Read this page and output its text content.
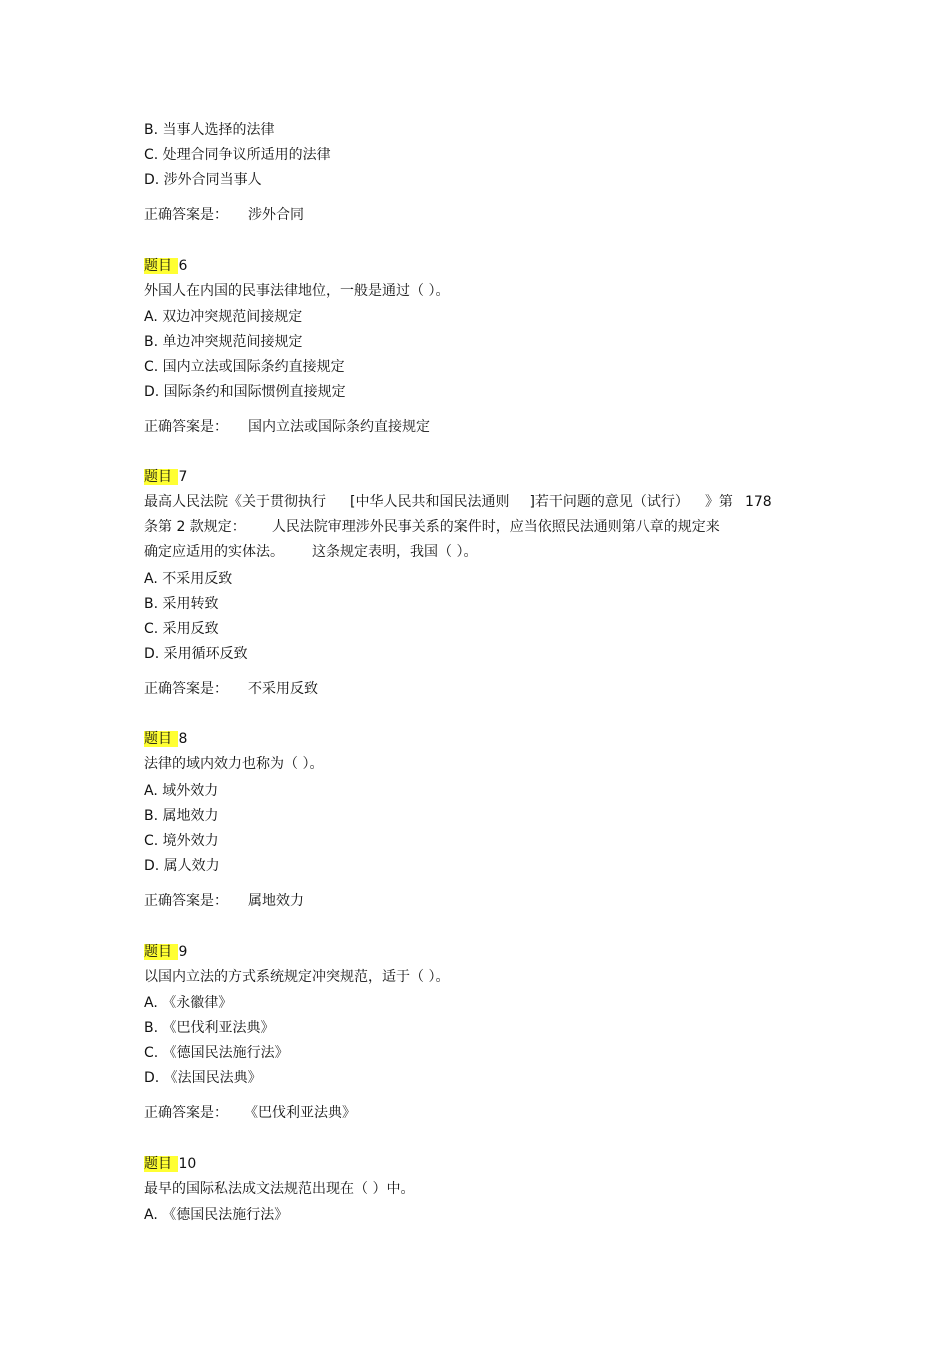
B. 当事人选择的法律
C. 处理合同争议所适用的法律
D. 涉外合同当事人
正确答案是： 涉外合同
题目 6
外国人在内国的民事法律地位，一般是通过（ ）。
A. 双边冲突规范间接规定
B. 单边冲突规范间接规定
C. 国内立法或国际条约直接规定
D. 国际条约和国际惯例直接规定
正确答案是： 国内立法或国际条约直接规定
题目 7
最高人民法院《关于贯彻执行 [中华人民共和国民法通则 ]若干问题的意见（试行） 》第 178
条第 2 款规定： 人民法院审理涉外民事关系的案件时，应当依照民法通则第八章的规定来
确定应适用的实体法。 这条规定表明，我国（ ）。
A. 不采用反致
B. 采用转致
C. 采用反致
D. 采用循环反致
正确答案是： 不采用反致
题目 8
法律的域内效力也称为（ ）。
A. 域外效力
B. 属地效力
C. 境外效力
D. 属人效力
正确答案是： 属地效力
题目 9
以国内立法的方式系统规定冲突规范，适于（ ）。
A. 《永徽律》
B. 《巴伐利亚法典》
C. 《德国民法施行法》
D. 《法国民法典》
正确答案是： 《巴伐利亚法典》
题目 10
最早的国际私法成文法规范出现在（ ）中。
A. 《德国民法施行法》
